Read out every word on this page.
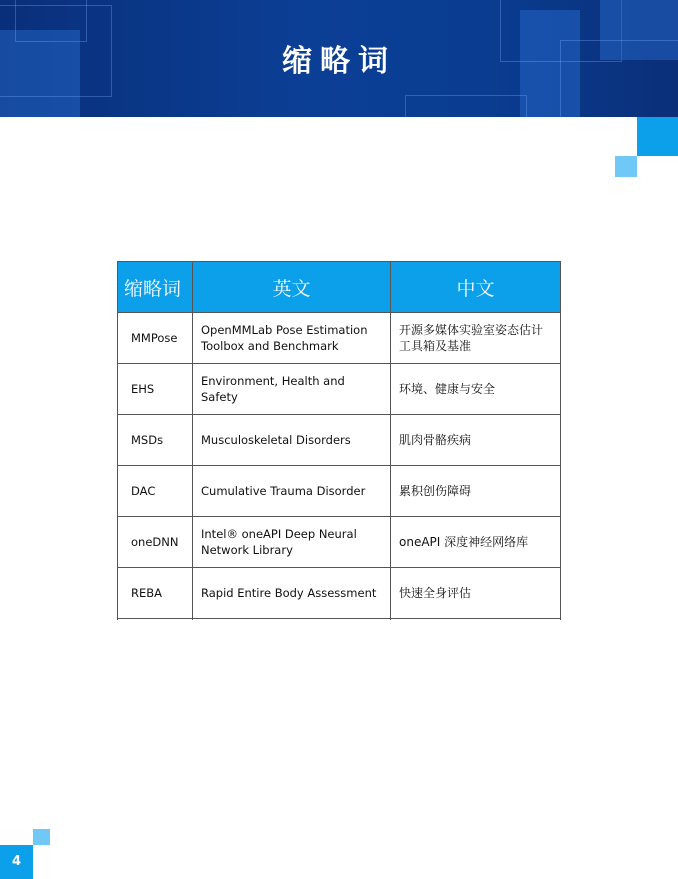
缩略词
缩略词	英文	中文
MMPose	OpenMMLab Pose Estimation Toolbox and Benchmark	开源多媒体实验室姿态估计工具箱及基准
EHS	Environment, Health and Safety	环境、健康与安全
MSDs	Musculoskeletal Disorders	肌肉骨骼疾病
DAC	Cumulative Trauma Disorder	累积创伤障碍
oneDNN	Intel® oneAPI Deep Neural Network Library	oneAPI 深度神经网络库
REBA	Rapid Entire Body Assessment	快速全身评估

4
